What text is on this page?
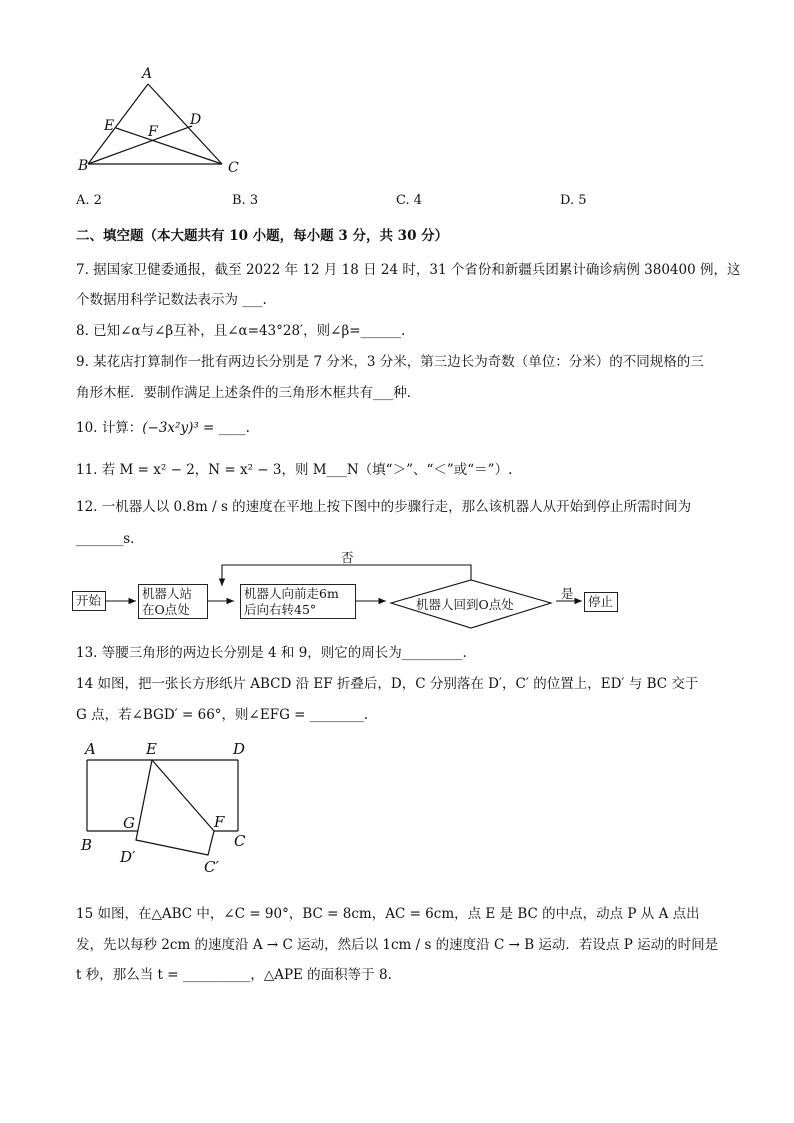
A
E F
D
B	C
A. 2	B. 3	C. 4	D. 5
二、填空题（本大题共有 10 小题，每小题 3 分，共 30 分）
7. 据国家卫健委通报，截至 2022 年 12 月 18 日 24 时，31 个省份和新疆兵团累计确诊病例 380400 例，这
个数据用科学记数法表示为 ___.
8. 已知∠α与∠β互补，且∠α=43°28′，则∠β=______.
9. 某花店打算制作一批有两边长分别是 7 分米，3 分米，第三边长为奇数（单位：分米）的不同规格的三
角形木框．要制作满足上述条件的三角形木框共有___种．
10. 计算：(−3x²y)³ = ____.
11. 若 M = x² − 2，N = x² − 3，则 M___N（填“＞”、“＜”或“＝”）.
12. 一机器人以 0.8m / s 的速度在平地上按下图中的步骤行走，那么该机器人从开始到停止所需时间为
_______s．
开始	机器人站
在O点处
机器人向前走6m
后向右转45°	机器人回到O点处
是
否
停止
13. 等腰三角形的两边长分别是 4 和 9，则它的周长为_________.
14 如图，把一张长方形纸片 ABCD 沿 EF 折叠后，D，C 分别落在 D′，C′ 的位置上，ED′ 与 BC 交于
G 点，若∠BGD′ = 66°，则∠EFG = ________.
A	E	D
G	F
C
B
D′
C′
15 如图，在△ABC 中，∠C = 90°，BC = 8cm，AC = 6cm，点 E 是 BC 的中点，动点 P 从 A 点出
发，先以每秒 2cm 的速度沿 A → C 运动，然后以 1cm / s 的速度沿 C → B 运动．若设点 P 运动的时间是
t 秒，那么当 t = __________，△APE 的面积等于 8.
